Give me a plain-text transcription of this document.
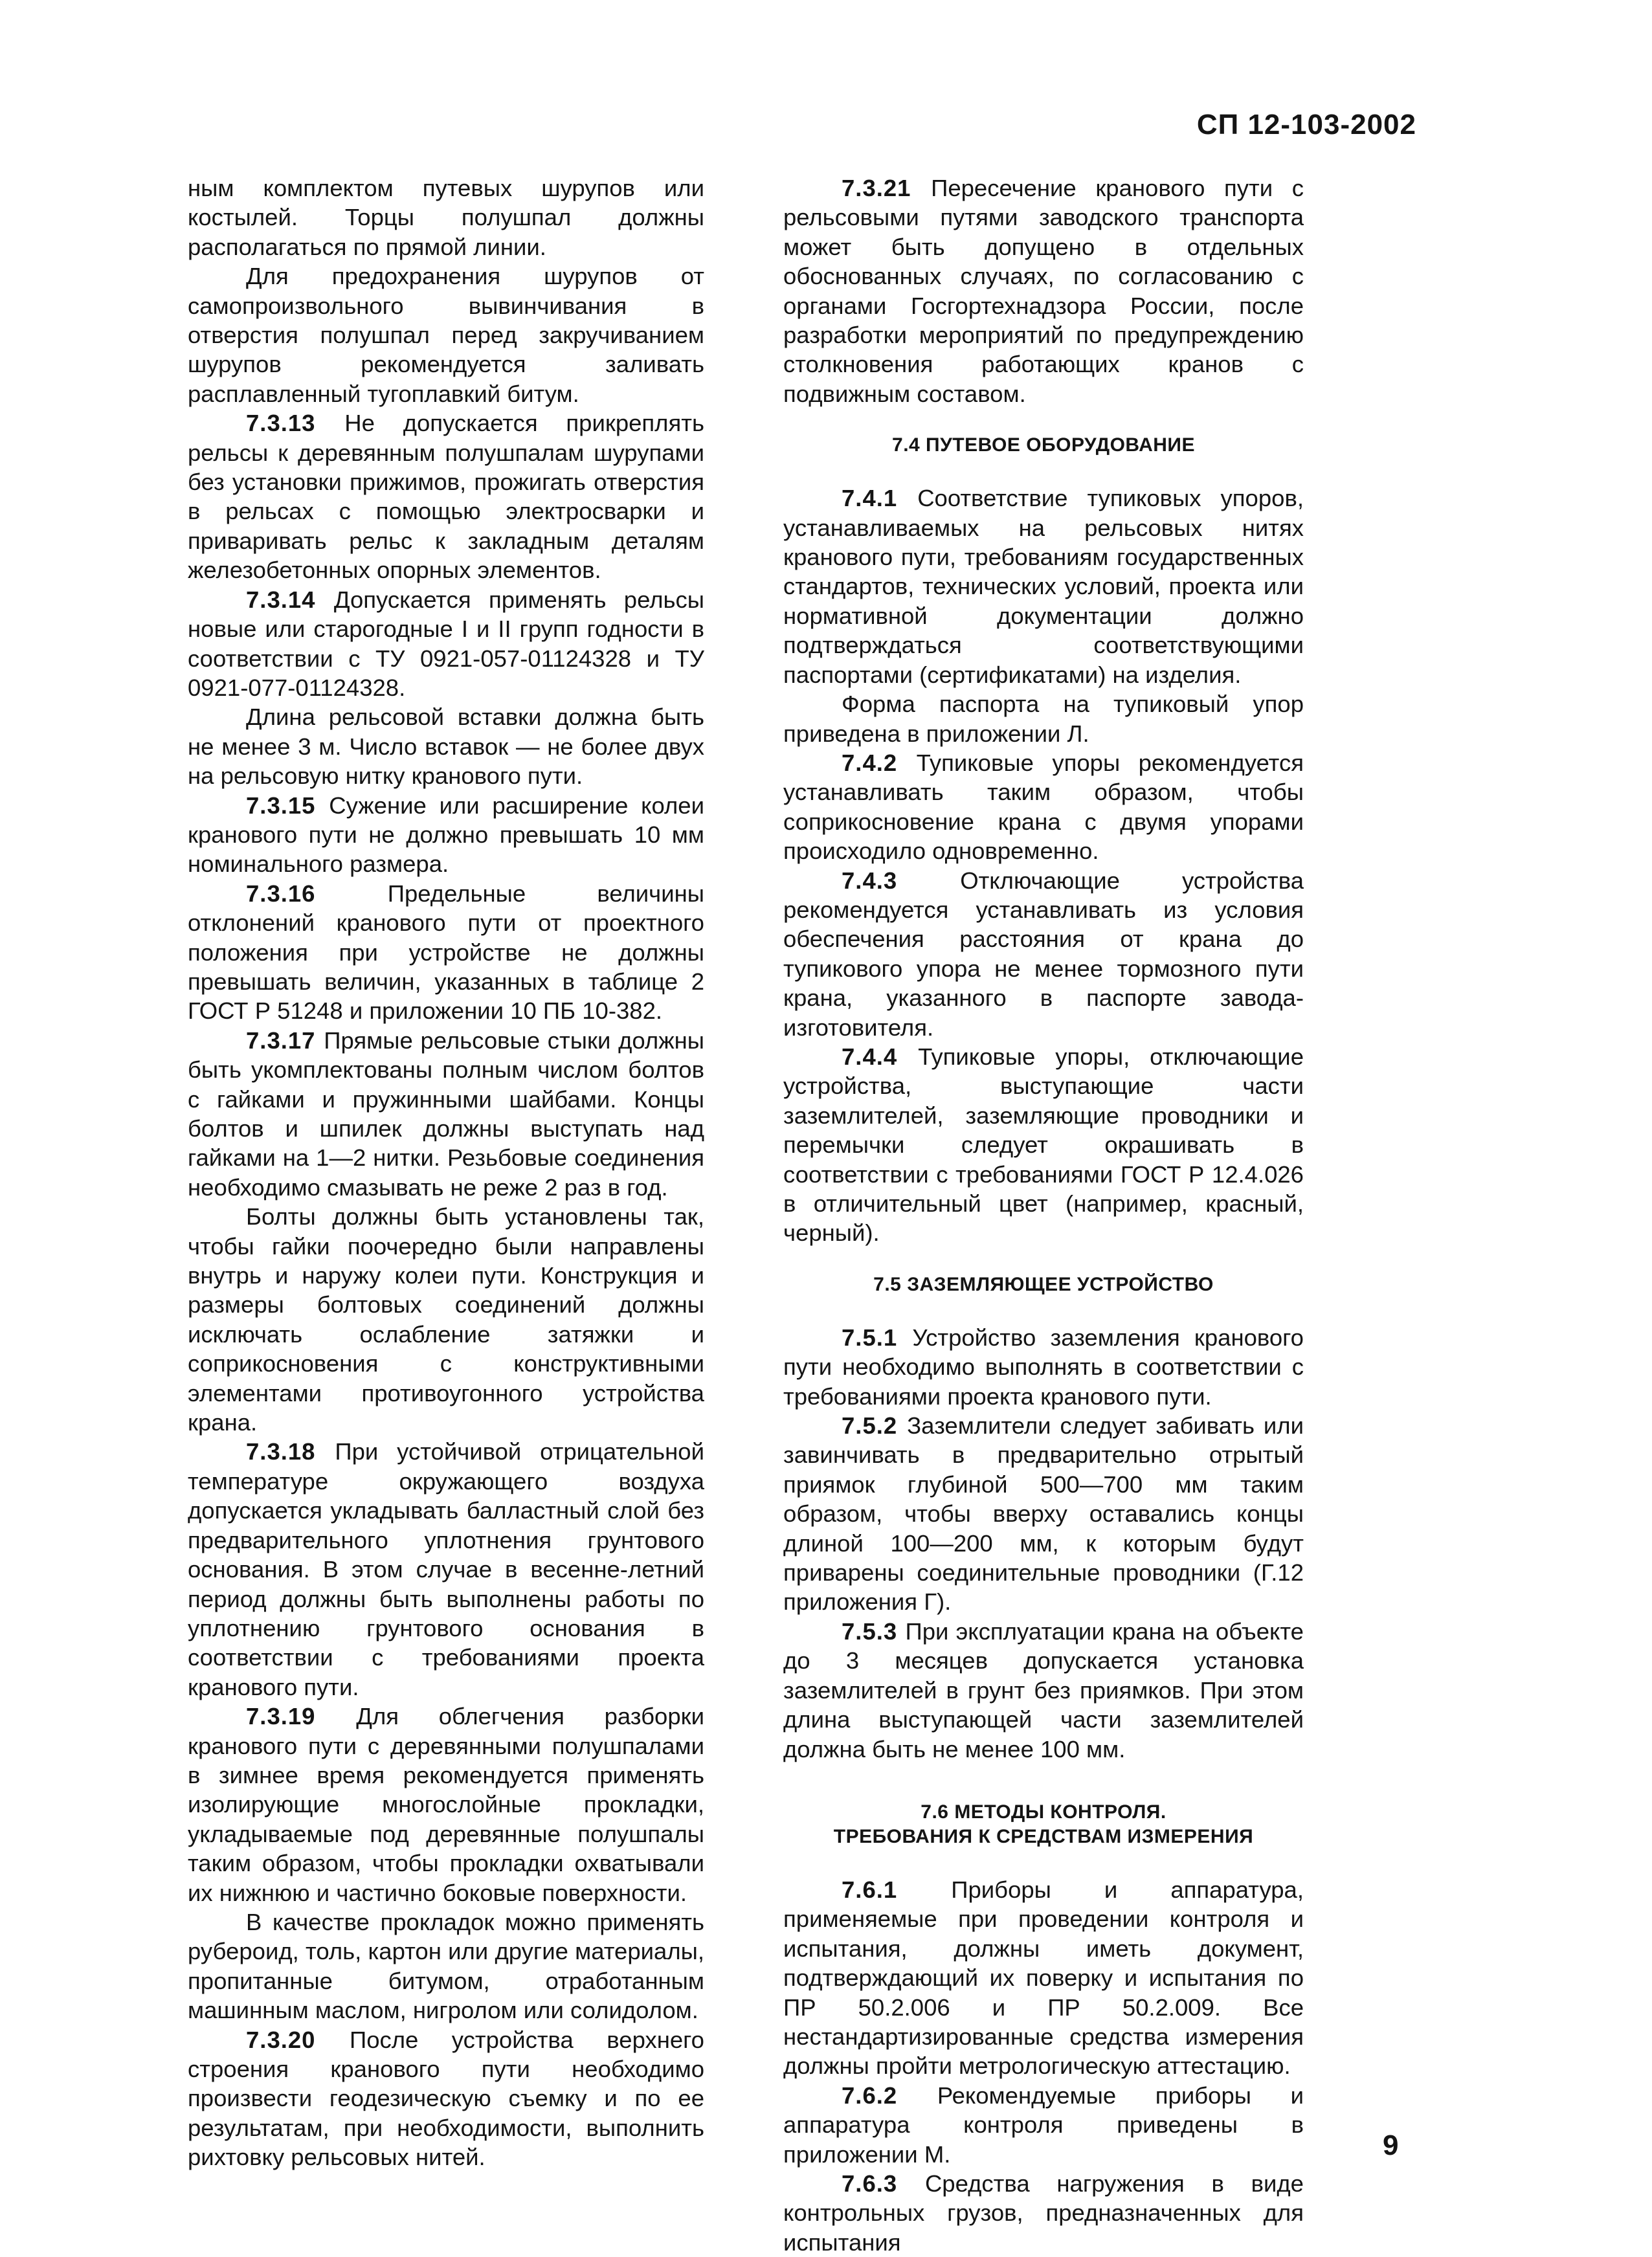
СП 12-103-2002

ным комплектом путевых шурупов или костылей. Торцы полушпал должны располагаться по прямой линии.

Для предохранения шурупов от самопроизвольного вывинчивания в отверстия полушпал перед закручиванием шурупов рекомендуется заливать расплавленный тугоплавкий битум.

7.3.13 Не допускается прикреплять рельсы к деревянным полушпалам шурупами без установки прижимов, прожигать отверстия в рельсах с помощью электросварки и приваривать рельс к закладным деталям железобетонных опорных элементов.

7.3.14 Допускается применять рельсы новые или старогодные I и II групп годности в соответствии с ТУ 0921-057-01124328 и ТУ 0921-077-01124328.

Длина рельсовой вставки должна быть не менее 3 м. Число вставок — не более двух на рельсовую нитку кранового пути.

7.3.15 Сужение или расширение колеи кранового пути не должно превышать 10 мм номинального размера.

7.3.16	Предельные величины отклонений кранового пути от проектного положения при устройстве не должны превышать величин, указанных в таблице 2 ГОСТ Р 51248 и приложении 10 ПБ 10-382.

7.3.17 Прямые рельсовые стыки должны быть укомплектованы полным числом болтов с гайками и пружинными шайбами. Концы болтов и шпилек должны выступать над гайками на 1—2 нитки. Резьбовые соединения необходимо смазывать не реже 2 раз в год.

Болты должны быть установлены так, чтобы гайки поочередно были направлены внутрь и наружу колеи пути. Конструкция и размеры болтовых соединений должны исключать ослабление затяжки и соприкосновения с конструктивными элементами противоугонного устройства крана.

7.3.18 При устойчивой отрицательной температуре окружающего воздуха допускается укладывать балластный слой без предварительного уплотнения грунтового основания. В этом случае в весенне-летний период должны быть выполнены работы по уплотнению грунтового основания в соответствии с требованиями проекта кранового пути.

7.3.19 Для облегчения разборки кранового пути с деревянными полушпалами в зимнее время рекомендуется применять изолирующие многослойные прокладки, укладываемые под деревянные полушпалы таким образом, чтобы прокладки охватывали их нижнюю и частично боковые поверхности.

В качестве прокладок можно применять рубероид, толь, картон или другие материалы, пропитанные битумом, отработанным машинным маслом, нигролом или солидолом.

7.3.20 После устройства верхнего строения кранового пути необходимо произвести геодезическую съемку и по ее результатам, при необходимости, выполнить рихтовку рельсовых нитей.

7.3.21 Пересечение кранового пути с рельсовыми путями заводского транспорта может быть допущено в отдельных обоснованных случаях, по согласованию с органами Госгортехнадзора России, после разработки мероприятий по предупреждению столкновения работающих кранов с подвижным составом.

7.4 ПУТЕВОЕ ОБОРУДОВАНИЕ

7.4.1 Соответствие тупиковых упоров, устанавливаемых на рельсовых нитях кранового пути, требованиям государственных стандартов, технических условий, проекта или нормативной документации должно подтверждаться соответствующими паспортами (сертификатами) на изделия.

Форма паспорта на тупиковый упор приведена в приложении Л.

7.4.2 Тупиковые упоры рекомендуется устанавливать таким образом, чтобы соприкосновение крана с двумя упорами происходило одновременно.

7.4.3	Отключающие устройства рекомендуется устанавливать из условия обеспечения расстояния от крана до тупикового упора не менее тормозного пути крана, указанного в паспорте завода-изготовителя.

7.4.4 Тупиковые упоры, отключающие устройства, выступающие части заземлителей, заземляющие проводники и перемычки следует окрашивать в соответствии с требованиями ГОСТ Р 12.4.026 в отличительный цвет (например, красный, черный).

7.5 ЗАЗЕМЛЯЮЩЕЕ УСТРОЙСТВО

7.5.1 Устройство заземления кранового пути необходимо выполнять в соответствии с требованиями проекта кранового пути.

7.5.2 Заземлители следует забивать или завинчивать в предварительно отрытый приямок глубиной 500—700 мм таким образом, чтобы вверху оставались концы длиной 100—200 мм, к которым будут приварены соединительные проводники (Г.12 приложения Г).

7.5.3 При эксплуатации крана на объекте до 3 месяцев допускается установка заземлителей в грунт без приямков. При этом длина выступающей части заземлителей должна быть не менее 100 мм.

7.6 МЕТОДЫ КОНТРОЛЯ.
ТРЕБОВАНИЯ К СРЕДСТВАМ ИЗМЕРЕНИЯ

7.6.1 Приборы и аппаратура, применяемые при проведении контроля и испытания, должны иметь документ, подтверждающий их поверку и испытания по ПР 50.2.006 и ПР 50.2.009. Все нестандартизированные средства измерения должны пройти метрологическую аттестацию.

7.6.2 Рекомендуемые приборы и аппаратура контроля приведены в приложении М.

7.6.3 Средства нагружения в виде контрольных грузов, предназначенных для испытания

9
